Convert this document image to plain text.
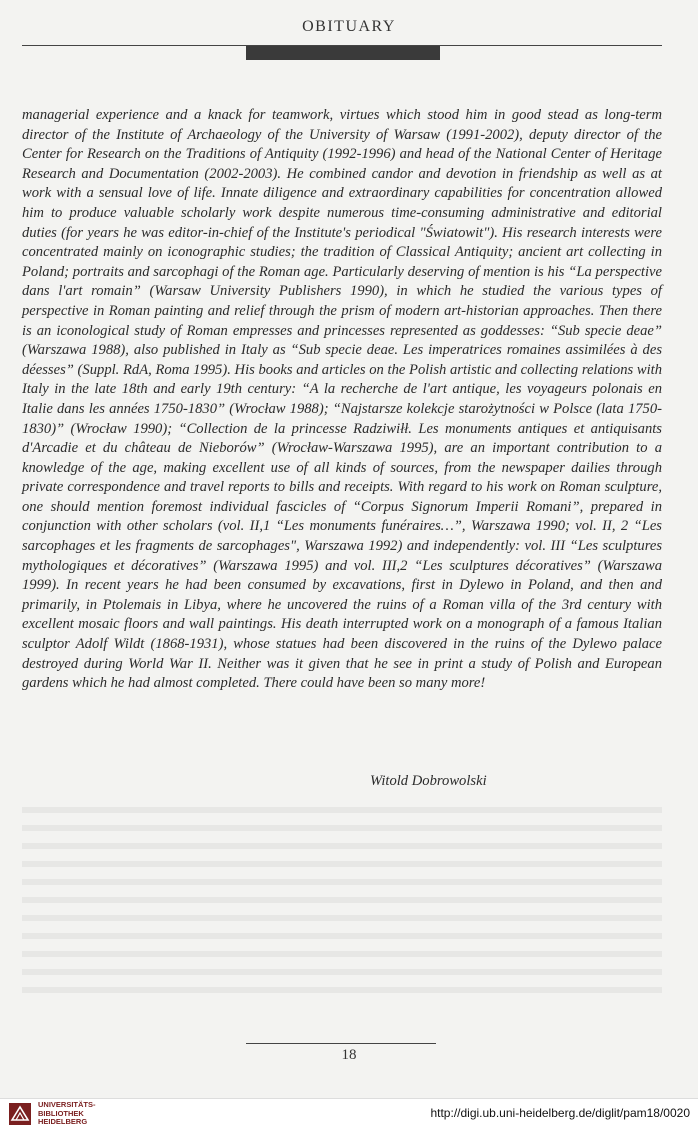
OBITUARY

managerial experience and a knack for teamwork, virtues which stood him in good stead as long-term director of the Institute of Archaeology of the University of Warsaw (1991-2002), deputy director of the Center for Research on the Traditions of Antiquity (1992-1996) and head of the National Center of Heritage Research and Documentation (2002-2003). He combined candor and devotion in friendship as well as at work with a sensual love of life. Innate diligence and extraordinary capabilities for concentration allowed him to produce valuable scholarly work despite numerous time-consuming administrative and editorial duties (for years he was editor-in-chief of the Institute's periodical "Światowit"). His research interests were concentrated mainly on iconographic studies; the tradition of Classical Antiquity; ancient art collecting in Poland; portraits and sarcophagi of the Roman age. Particularly deserving of mention is his “La perspective dans l'art romain” (Warsaw University Publishers 1990), in which he studied the various types of perspective in Roman painting and relief through the prism of modern art-historian approaches. Then there is an iconological study of Roman empresses and princesses represented as goddesses: “Sub specie deae” (Warszawa 1988), also published in Italy as “Sub specie deae. Les imperatrices romaines assimilées à des déesses” (Suppl. RdA, Roma 1995). His books and articles on the Polish artistic and collecting relations with Italy in the late 18th and early 19th century: “A la recherche de l'art antique, les voyageurs polonais en Italie dans les années 1750-1830” (Wrocław 1988); “Najstarsze kolekcje starożytności w Polsce (lata 1750-1830)” (Wrocław 1990); “Collection de la princesse Radziwiłł. Les monuments antiques et antiquisants d'Arcadie et du château de Nieborów” (Wrocław-Warszawa 1995), are an important contribution to a knowledge of the age, making excellent use of all kinds of sources, from the newspaper dailies through private correspondence and travel reports to bills and receipts. With regard to his work on Roman sculpture, one should mention foremost individual fascicles of “Corpus Signorum Imperii Romani”, prepared in conjunction with other scholars (vol. II,1 “Les monuments funéraires…”, Warszawa 1990; vol. II, 2 “Les sarcophages et les fragments de sarcophages", Warszawa 1992) and independently: vol. III “Les sculptures mythologiques et décoratives” (Warszawa 1995) and vol. III,2 “Les sculptures décoratives” (Warszawa 1999). In recent years he had been consumed by excavations, first in Dylewo in Poland, and then and primarily, in Ptolemais in Libya, where he uncovered the ruins of a Roman villa of the 3rd century with excellent mosaic floors and wall paintings. His death interrupted work on a monograph of a famous Italian sculptor Adolf Wildt (1868-1931), whose statues had been discovered in the ruins of the Dylewo palace destroyed during World War II. Neither was it given that he see in print a study of Polish and European gardens which he had almost completed. There could have been so many more!

Witold Dobrowolski
18
UNIVERSITÄTS-
BIBLIOTHEK
HEIDELBERG
http://digi.ub.uni-heidelberg.de/diglit/pam18/0020
